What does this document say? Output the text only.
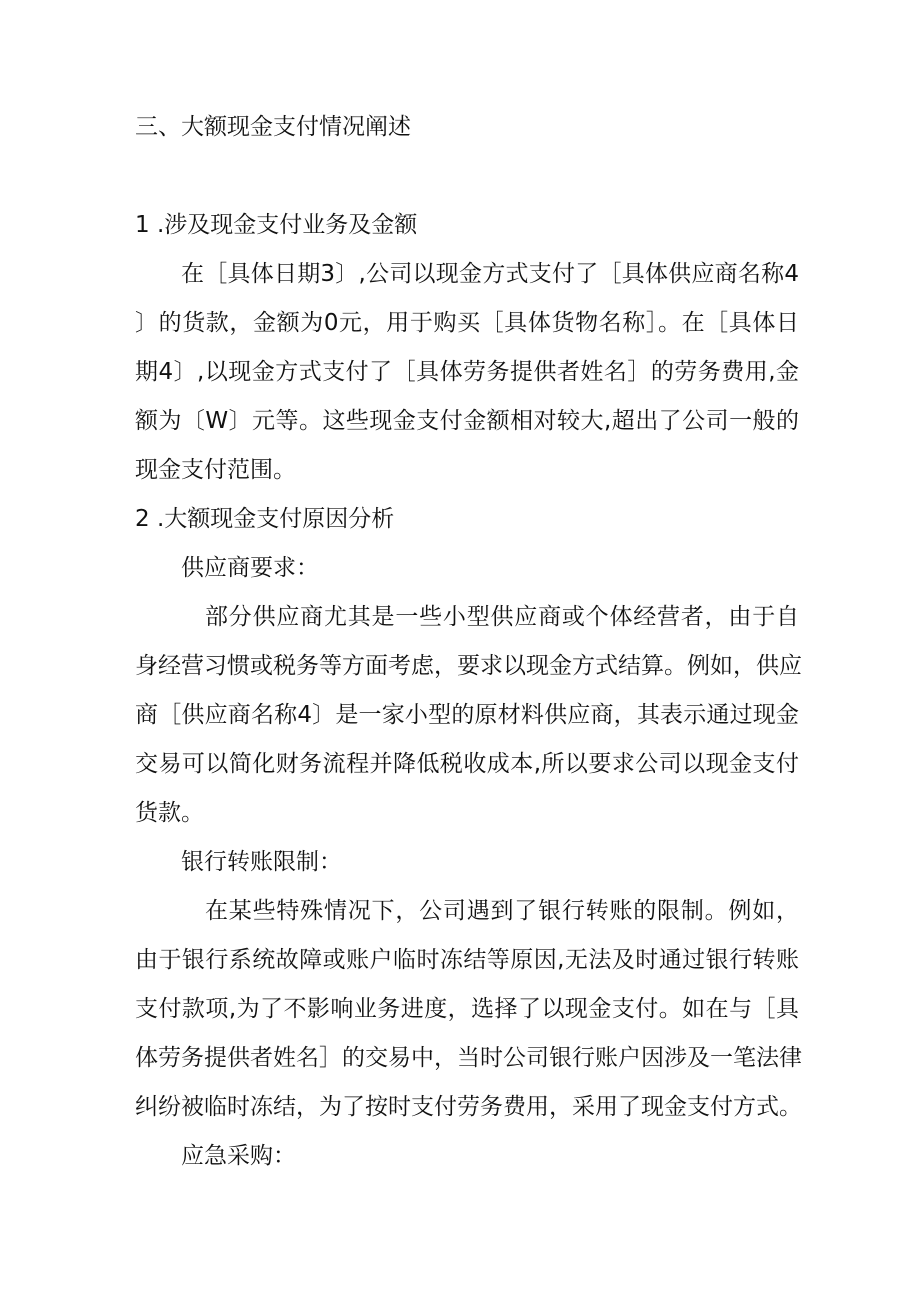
三、大额现金支付情况阐述
1 .涉及现金支付业务及金额
在［具体日期3〕,公司以现金方式支付了［具体供应商名称4
〕的货款，金额为0元，用于购买［具体货物名称］。在［具体日
期4〕,以现金方式支付了［具体劳务提供者姓名］的劳务费用,金
额为〔W〕元等。这些现金支付金额相对较大,超出了公司一般的
现金支付范围。
2 .大额现金支付原因分析
供应商要求：
部分供应商尤其是一些小型供应商或个体经营者，由于自
身经营习惯或税务等方面考虑，要求以现金方式结算。例如，供应
商［供应商名称4〕是一家小型的原材料供应商，其表示通过现金
交易可以简化财务流程并降低税收成本,所以要求公司以现金支付
货款。
银行转账限制：
在某些特殊情况下，公司遇到了银行转账的限制。例如，
由于银行系统故障或账户临时冻结等原因,无法及时通过银行转账
支付款项,为了不影响业务进度，选择了以现金支付。如在与［具
体劳务提供者姓名］的交易中，当时公司银行账户因涉及一笔法律
纠纷被临时冻结，为了按时支付劳务费用，采用了现金支付方式。
应急采购：
